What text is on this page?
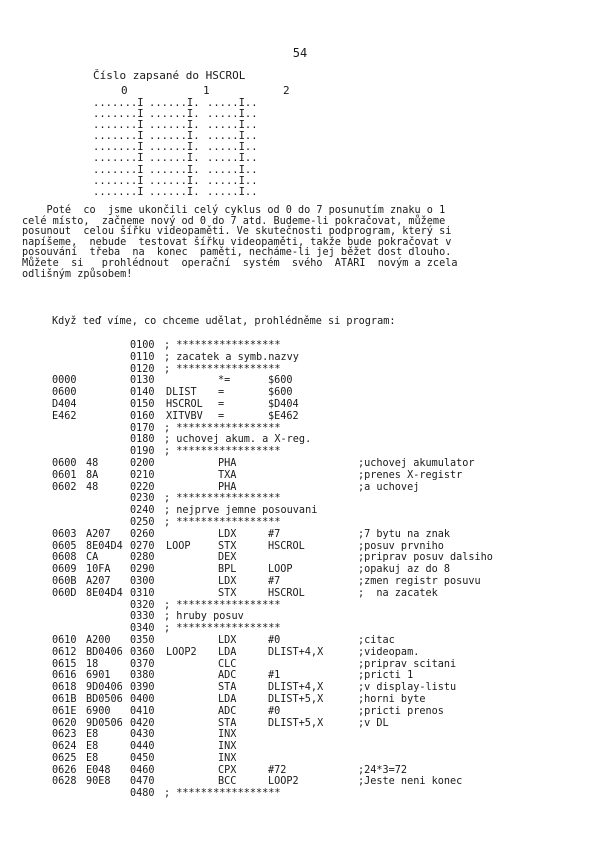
54
Číslo zapsané do HSCROL
0	1	2
.......I ......I. .....I..
.......I ......I. .....I..
.......I ......I. .....I..
.......I ......I. .....I..
.......I ......I. .....I..
.......I ......I. .....I..
.......I ......I. .....I..
.......I ......I. .....I..
.......I ......I. .....I..
Poté  co  jsme ukončili celý cyklus od 0 do 7 posunutím znaku o 1
celé místo,  začneme nový od 0 do 7 atd. Budeme-li pokračovat, můžeme
posunout  celou šířku videopaměti. Ve skutečnosti podprogram, který si
napíšeme,  nebude  testovat šířku videopaměti, takže bude pokračovat v
posouvání  třeba  na  konec  paměti, necháme-li jej běžet dost dlouho.
Můžete  si   prohlédnout  operační  systém  svého  ATARI  novým a zcela
odlišným způsobem!
Když teď víme, co chceme udělat, prohlédněme si program:
0100 ; *****************
0110 ; zacatek a symb.nazvy
0120 ; *****************
0000	0130	*=	$600
0600	0140 DLIST =	$600
D404	0150 HSCROL =	$D404
E462	0160 XITVBV =	$E462
0170 ; *****************
0180 ; uchovej akum. a X-reg.
0190 ; *****************
0600 48	0200	PHA	;uchovej akumulator
0601 8A	0210	TXA	;prenes X-registr
0602 48	0220	PHA	;a uchovej
0230 ; *****************
0240 ; nejprve jemne posouvani
0250 ; *****************
0603 A207 0260	LDX	#7	;7 bytu na znak
0605 8E04D4 0270 LOOP	STX	HSCROL	;posuv prvniho
0608 CA	0280	DEX	;priprav posuv dalsiho
0609 10FA 0290	BPL	LOOP	;opakuj az do 8
060B A207 0300	LDX	#7	;zmen registr posuvu
060D 8E04D4 0310	STX	HSCROL	;  na zacatek
0320 ; *****************
0330 ; hruby posuv
0340 ; *****************
0610 A200 0350	LDX	#0	;citac
0612 BD0406 0360 LOOP2 LDA	DLIST+4,X	;videopam.
0615 18	0370	CLC	;priprav scitani
0616 6901 0380	ADC	#1	;pricti 1
0618 9D0406 0390	STA	DLIST+4,X	;v display-listu
061B BD0506 0400	LDA	DLIST+5,X	;horni byte
061E 6900 0410	ADC	#0	;pricti prenos
0620 9D0506 0420	STA	DLIST+5,X	;v DL
0623 E8	0430	INX
0624 E8	0440	INX
0625 E8	0450	INX
0626 E048 0460	CPX	#72	;24*3=72
0628 90E8 0470	BCC	LOOP2	;Jeste neni konec
0480 ; *****************
